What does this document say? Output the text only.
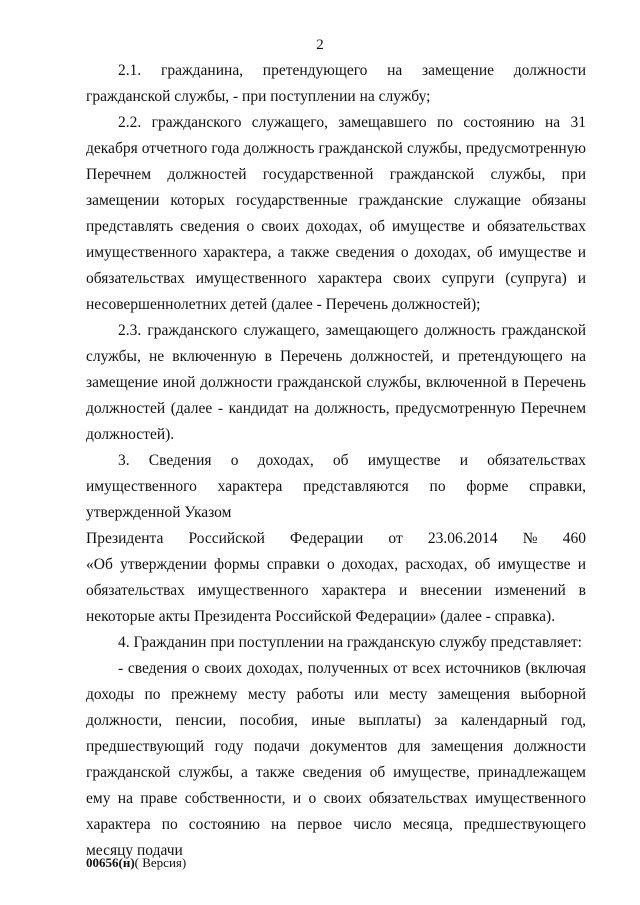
2

2.1. гражданина, претендующего на замещение должности гражданской службы, - при поступлении на службу;

2.2. гражданского служащего, замещавшего по состоянию на 31 декабря отчетного года должность гражданской службы, предусмотренную Перечнем должностей государственной гражданской службы, при замещении которых государственные гражданские служащие обязаны представлять сведения о своих доходах, об имуществе и обязательствах имущественного характера, а также сведения о доходах, об имуществе и обязательствах имущественного характера своих супруги (супруга) и несовершеннолетних детей (далее - Перечень должностей);

2.3. гражданского служащего, замещающего должность гражданской службы, не включенную в Перечень должностей, и претендующего на замещение иной должности гражданской службы, включенной в Перечень должностей (далее - кандидат на должность, предусмотренную Перечнем должностей).

3. Сведения о доходах, об имуществе и обязательствах имущественного характера представляются по форме справки, утвержденной Указом

Президента Российской Федерации от 23.06.2014 № 460

«Об утверждении формы справки о доходах, расходах, об имуществе и обязательствах имущественного характера и внесении изменений в некоторые акты Президента Российской Федерации» (далее - справка).

4. Гражданин при поступлении на гражданскую службу представляет:

- сведения о своих доходах, полученных от всех источников (включая доходы по прежнему месту работы или месту замещения выборной должности, пенсии, пособия, иные выплаты) за календарный год, предшествующий году подачи документов для замещения должности гражданской службы, а также сведения об имуществе, принадлежащем ему на праве собственности, и о своих обязательствах имущественного характера по состоянию на первое число месяца, предшествующего месяцу подачи

00656(н)( Версия)
